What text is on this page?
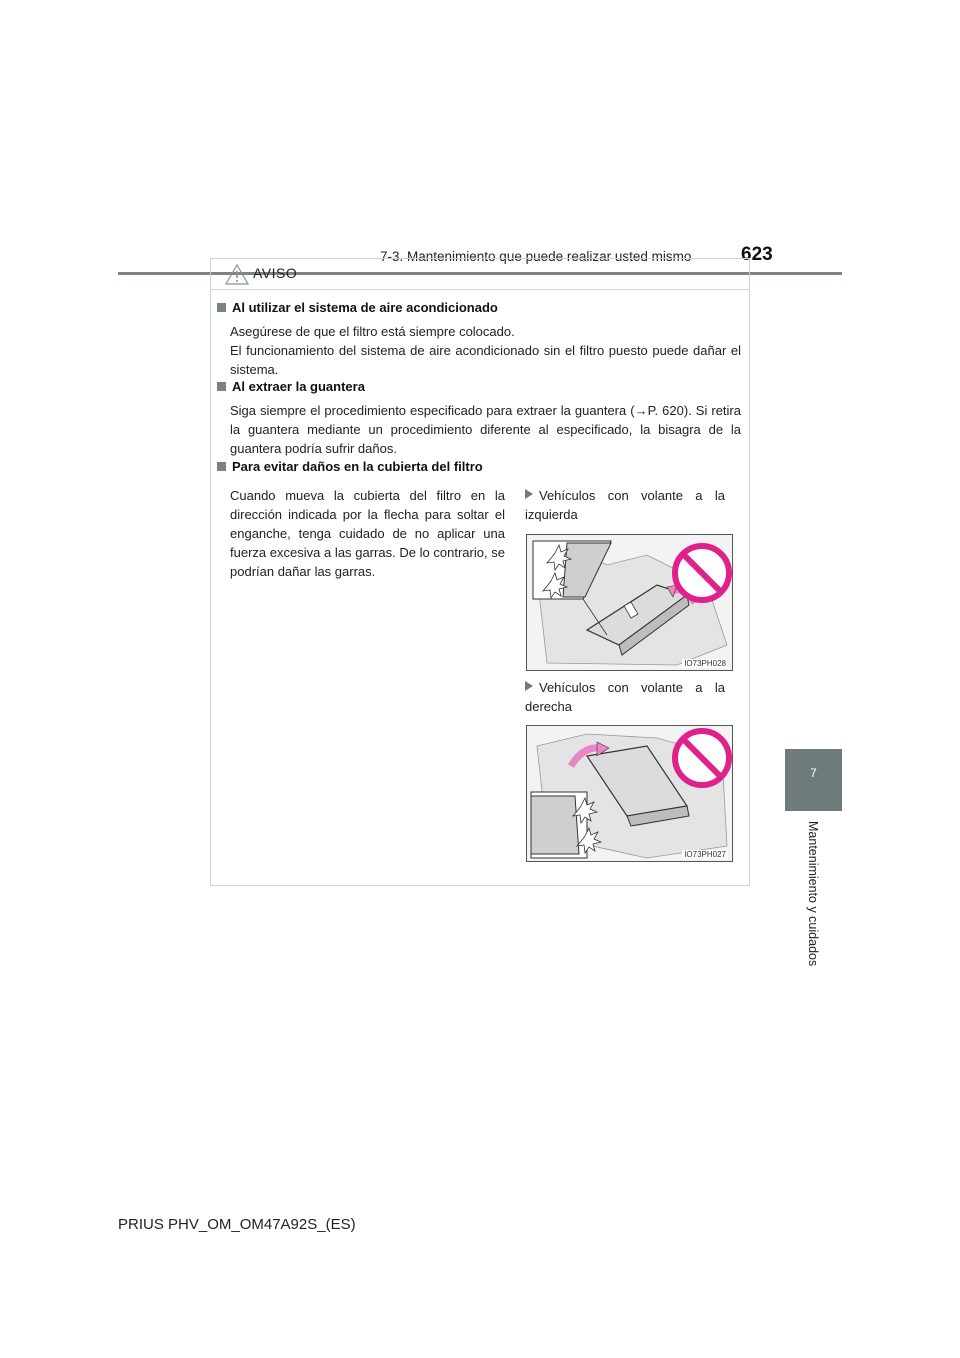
7-3. Mantenimiento que puede realizar usted mismo	623
7
Mantenimiento y cuidados
AVISO
Al utilizar el sistema de aire acondicionado

Asegúrese de que el filtro está siempre colocado.

El funcionamiento del sistema de aire acondicionado sin el filtro puesto puede dañar el sistema.

Al extraer la guantera

Siga siempre el procedimiento especificado para extraer la guantera (→P. 620). Si retira la guantera mediante un procedimiento diferente al especificado, la bisagra de la guantera podría sufrir daños.

Para evitar daños en la cubierta del filtro
Cuando mueva la cubierta del filtro en la dirección indicada por la flecha para soltar el enganche, tenga cuidado de no aplicar una fuerza excesiva a las garras. De lo contrario, se podrían dañar las garras.
Vehículos con volante a la izquierda
IO73PH028
Vehículos con volante a la derecha
IO73PH027
PRIUS PHV_OM_OM47A92S_(ES)
